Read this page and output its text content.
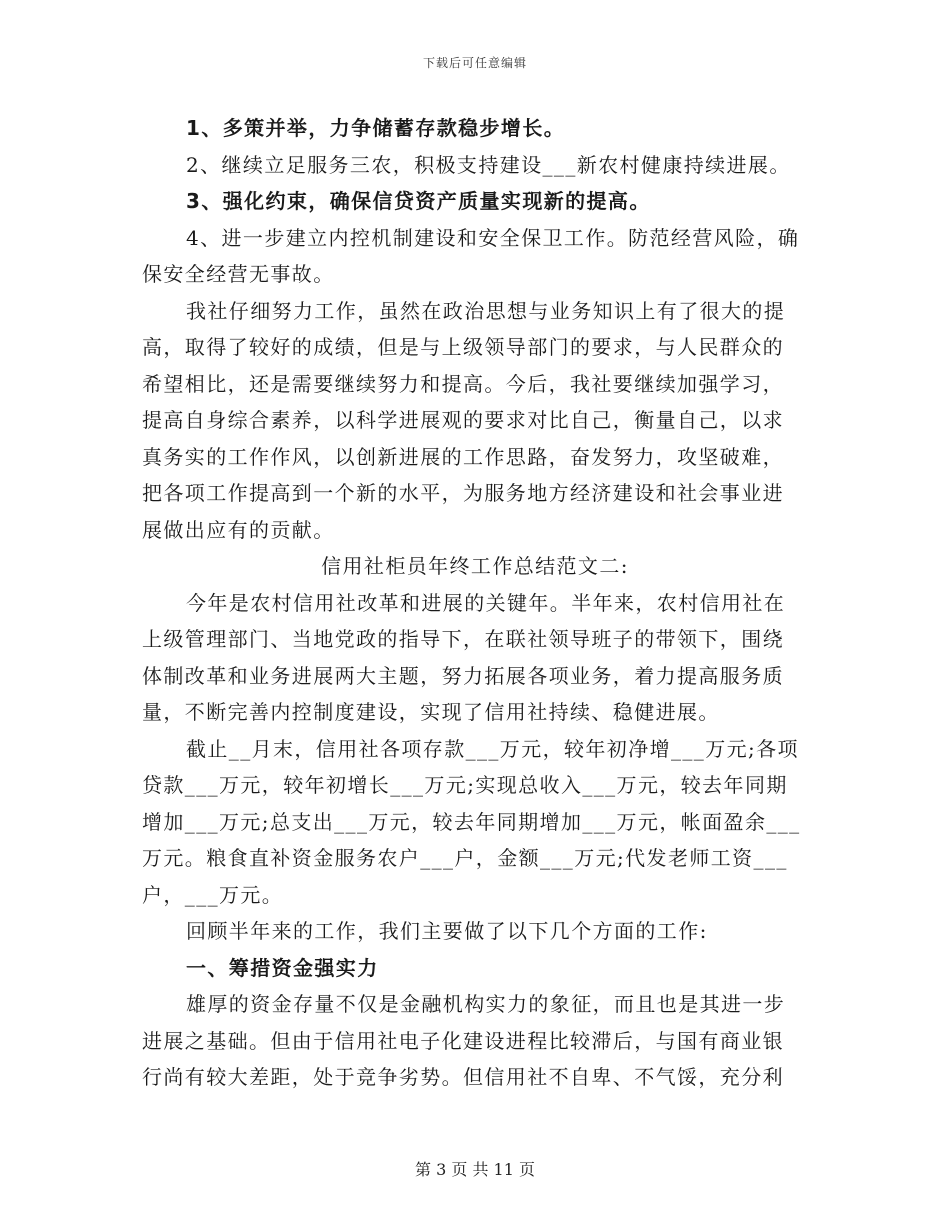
下载后可任意编辑
1、多策并举，力争储蓄存款稳步增长。
2、继续立足服务三农，积极支持建设___新农村健康持续进展。
3、强化约束，确保信贷资产质量实现新的提高。
4、进一步建立内控机制建设和安全保卫工作。防范经营风险，确
保安全经营无事故。
我社仔细努力工作，虽然在政治思想与业务知识上有了很大的提
高，取得了较好的成绩，但是与上级领导部门的要求，与人民群众的
希望相比，还是需要继续努力和提高。今后，我社要继续加强学习，
提高自身综合素养，以科学进展观的要求对比自己，衡量自己，以求
真务实的工作作风，以创新进展的工作思路，奋发努力，攻坚破难，
把各项工作提高到一个新的水平，为服务地方经济建设和社会事业进
展做出应有的贡献。
信用社柜员年终工作总结范文二:
今年是农村信用社改革和进展的关键年。半年来，农村信用社在
上级管理部门、当地党政的指导下，在联社领导班子的带领下，围绕
体制改革和业务进展两大主题，努力拓展各项业务，着力提高服务质
量，不断完善内控制度建设，实现了信用社持续、稳健进展。
截止__月末，信用社各项存款___万元，较年初净增___万元;各项
贷款___万元，较年初增长___万元;实现总收入___万元，较去年同期
增加___万元;总支出___万元，较去年同期增加___万元，帐面盈余___
万元。粮食直补资金服务农户___户，金额___万元;代发老师工资___
户，___万元。
回顾半年来的工作，我们主要做了以下几个方面的工作:
一、筹措资金强实力
雄厚的资金存量不仅是金融机构实力的象征，而且也是其进一步
进展之基础。但由于信用社电子化建设进程比较滞后，与国有商业银
行尚有较大差距，处于竞争劣势。但信用社不自卑、不气馁，充分利
第 3 页 共 11 页
